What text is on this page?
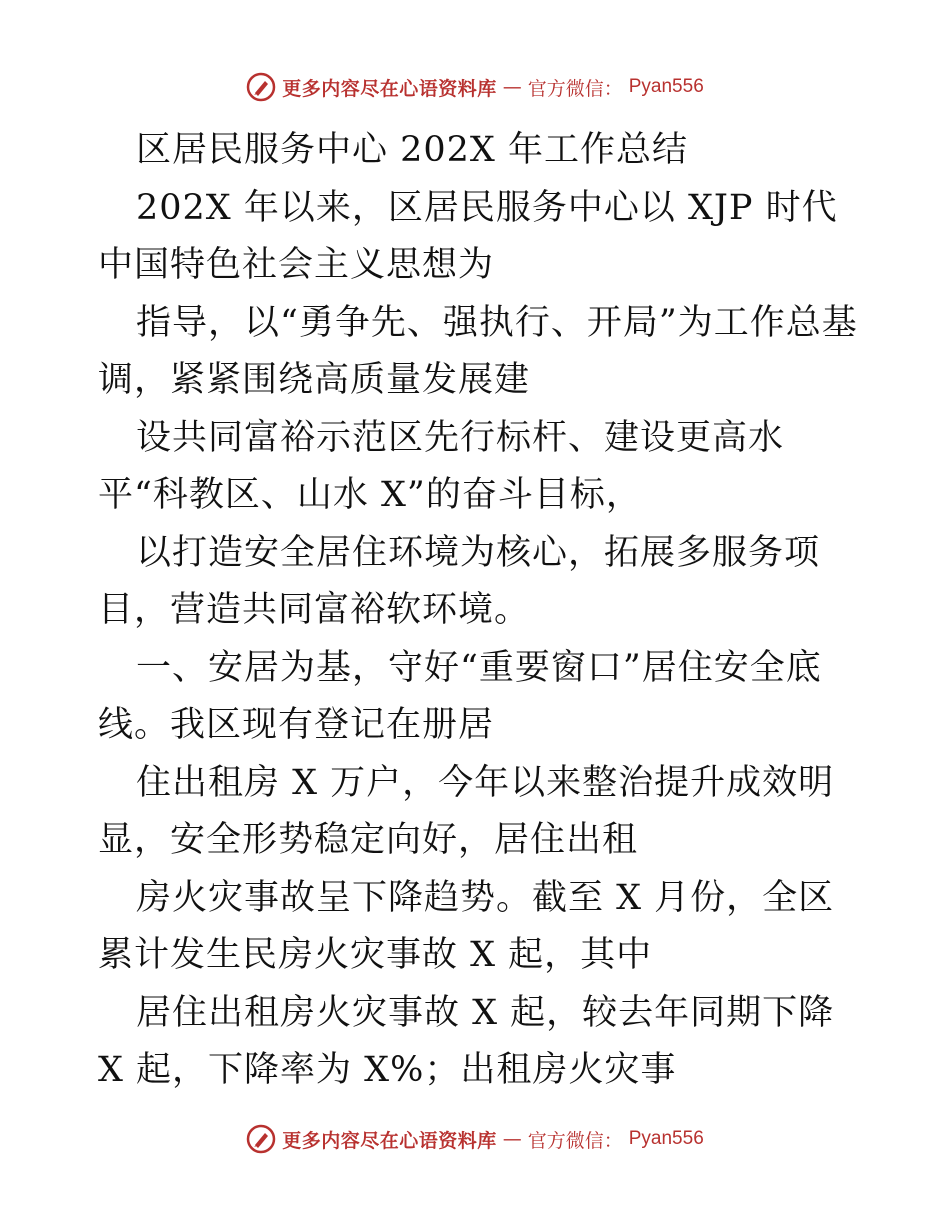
更多内容尽在心语资料库 — 官方微信： Pyan556

区居民服务中心 202X 年工作总结

202X 年以来，区居民服务中心以 XJP 时代中国特色社会主义思想为

指导，以“勇争先、强执行、开局”为工作总基调，紧紧围绕高质量发展建

设共同富裕示范区先行标杆、建设更高水平“科教区、山水 X”的奋斗目标，

以打造安全居住环境为核心，拓展多服务项目，营造共同富裕软环境。

一、安居为基，守好“重要窗口”居住安全底线。我区现有登记在册居

住出租房 X 万户，今年以来整治提升成效明显，安全形势稳定向好，居住出租

房火灾事故呈下降趋势。截至 X 月份，全区累计发生民房火灾事故 X 起，其中

居住出租房火灾事故 X 起，较去年同期下降 X 起，下降率为 X%；出租房火灾事

更多内容尽在心语资料库 — 官方微信： Pyan556
